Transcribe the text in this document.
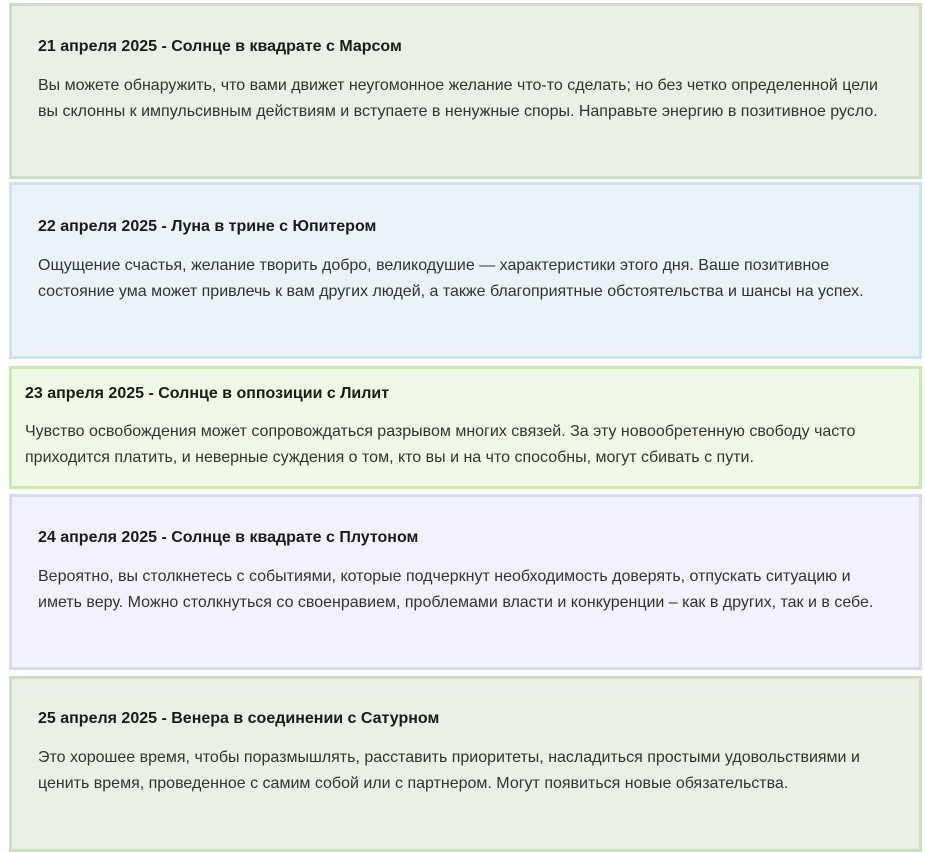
21 апреля 2025 - Солнце в квадрате с Марсом

Вы можете обнаружить, что вами движет неугомонное желание что-то сделать; но без четко определенной цели вы склонны к импульсивным действиям и вступаете в ненужные споры. Направьте энергию в позитивное русло.

22 апреля 2025 - Луна в трине с Юпитером

Ощущение счастья, желание творить добро, великодушие — характеристики этого дня. Ваше позитивное состояние ума может привлечь к вам других людей, а также благоприятные обстоятельства и шансы на успех.

23 апреля 2025 - Солнце в оппозиции с Лилит

Чувство освобождения может сопровождаться разрывом многих связей. За эту новообретенную свободу часто приходится платить, и неверные суждения о том, кто вы и на что способны, могут сбивать с пути.

24 апреля 2025 - Солнце в квадрате с Плутоном

Вероятно, вы столкнетесь с событиями, которые подчеркнут необходимость доверять, отпускать ситуацию и иметь веру. Можно столкнуться со своенравием, проблемами власти и конкуренции – как в других, так и в себе.

25 апреля 2025 - Венера в соединении с Сатурном

Это хорошее время, чтобы поразмышлять, расставить приоритеты, насладиться простыми удовольствиями и ценить время, проведенное с самим собой или с партнером. Могут появиться новые обязательства.
